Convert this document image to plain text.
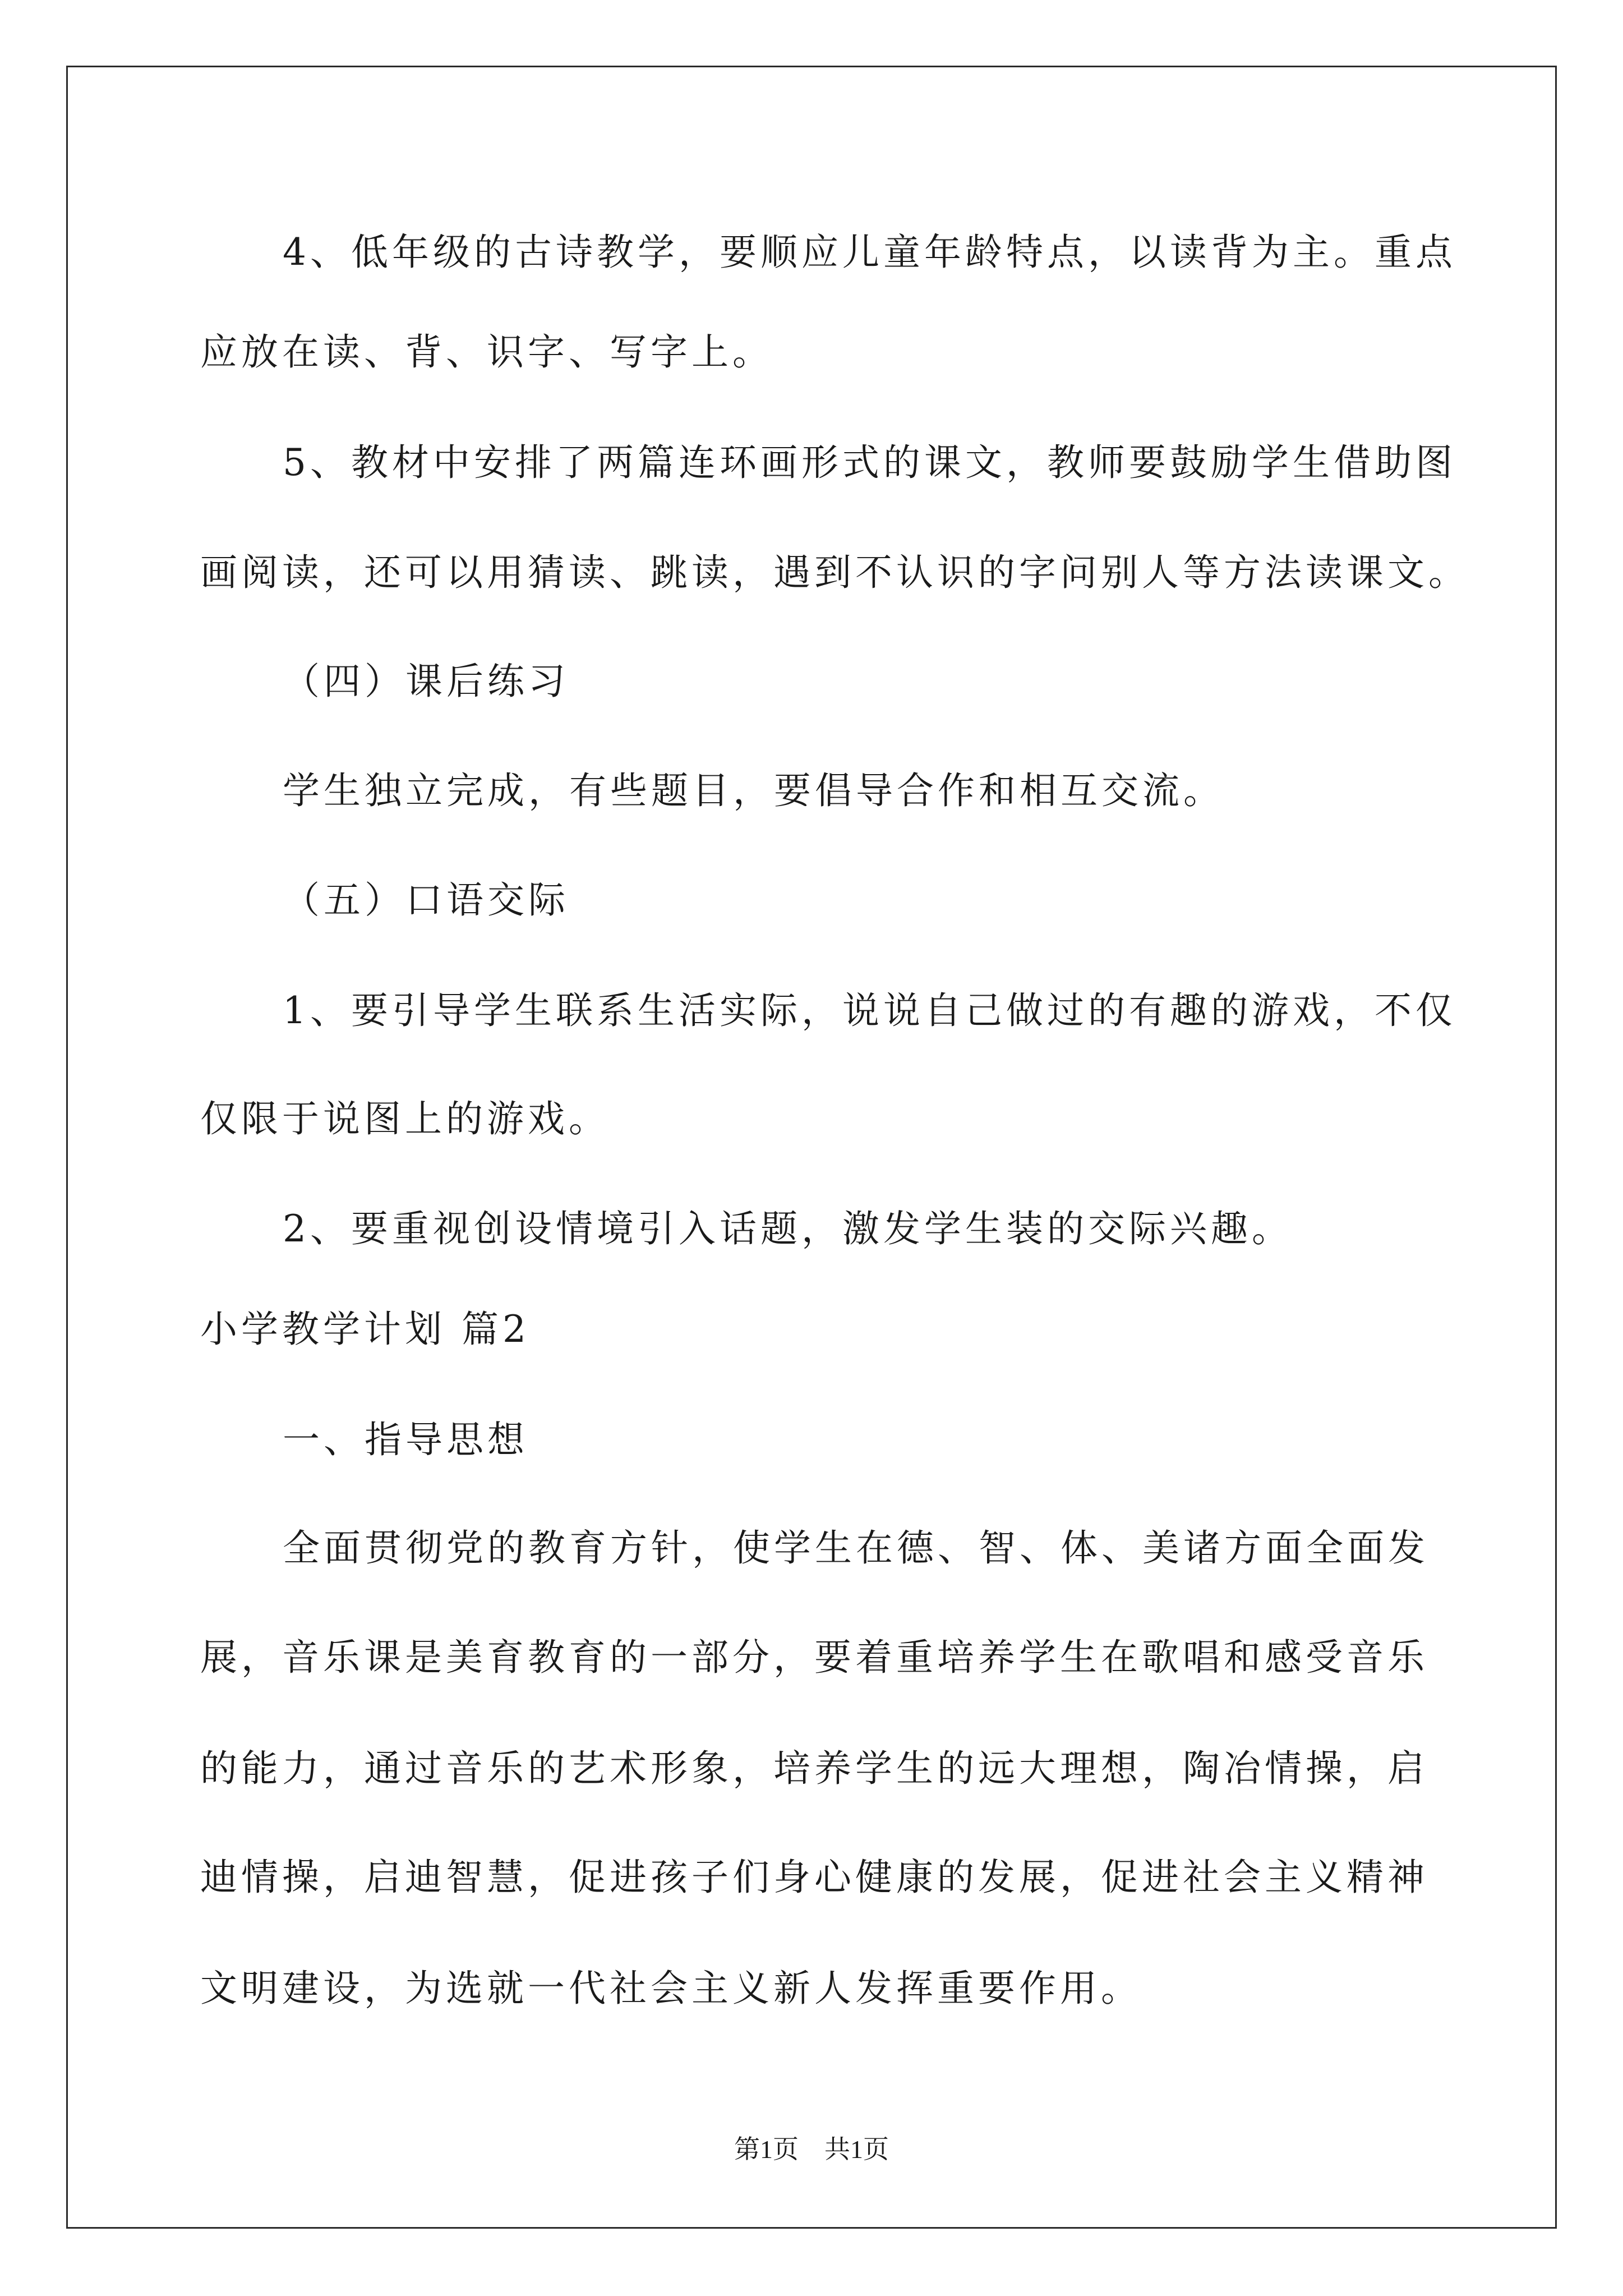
4、低年级的古诗教学，要顺应儿童年龄特点，以读背为主。重点
应放在读、背、识字、写字上。
5、教材中安排了两篇连环画形式的课文，教师要鼓励学生借助图
画阅读，还可以用猜读、跳读，遇到不认识的字问别人等方法读课文。
（四）课后练习
学生独立完成，有些题目，要倡导合作和相互交流。
（五）口语交际
1、要引导学生联系生活实际，说说自己做过的有趣的游戏，不仅
仅限于说图上的游戏。
2、要重视创设情境引入话题，激发学生装的交际兴趣。
小学教学计划 篇2
一、指导思想
全面贯彻党的教育方针，使学生在德、智、体、美诸方面全面发
展，音乐课是美育教育的一部分，要着重培养学生在歌唱和感受音乐
的能力，通过音乐的艺术形象，培养学生的远大理想，陶冶情操，启
迪情操，启迪智慧，促进孩子们身心健康的发展，促进社会主义精神
文明建设，为选就一代社会主义新人发挥重要作用。
第1页　共1页
